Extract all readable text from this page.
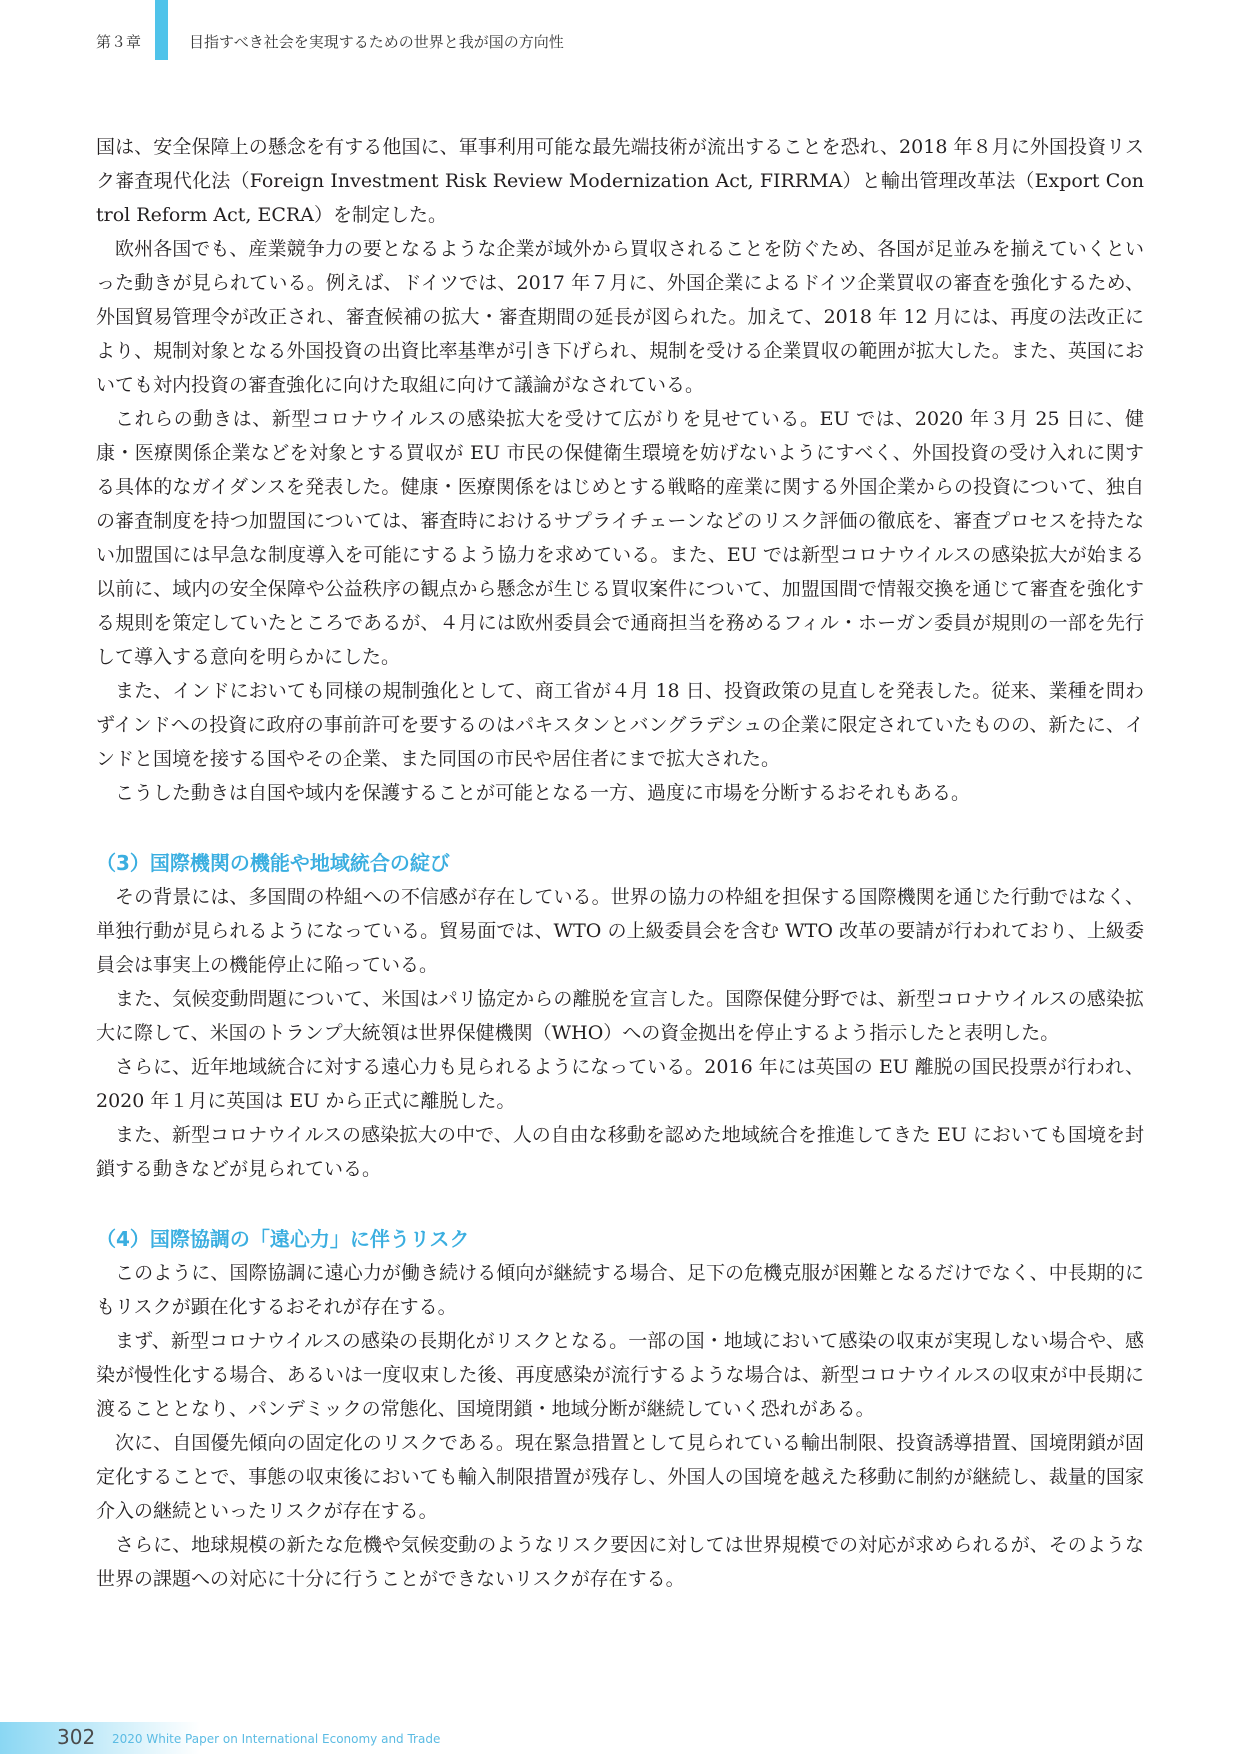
第３章	目指すべき社会を実現するための世界と我が国の方向性

国は、安全保障上の懸念を有する他国に、軍事利用可能な最先端技術が流出することを恐れ、2018 年８月に外国投資リスク審査現代化法（Foreign Investment Risk Review Modernization Act, FIRRMA）と輸出管理改革法（Export Control Reform Act, ECRA）を制定した。

欧州各国でも、産業競争力の要となるような企業が域外から買収されることを防ぐため、各国が足並みを揃えていくといった動きが見られている。例えば、ドイツでは、2017 年７月に、外国企業によるドイツ企業買収の審査を強化するため、外国貿易管理令が改正され、審査候補の拡大・審査期間の延長が図られた。加えて、2018 年 12 月には、再度の法改正により、規制対象となる外国投資の出資比率基準が引き下げられ、規制を受ける企業買収の範囲が拡大した。また、英国においても対内投資の審査強化に向けた取組に向けて議論がなされている。

これらの動きは、新型コロナウイルスの感染拡大を受けて広がりを見せている。EU では、2020 年３月 25 日に、健康・医療関係企業などを対象とする買収が EU 市民の保健衛生環境を妨げないようにすべく、外国投資の受け入れに関する具体的なガイダンスを発表した。健康・医療関係をはじめとする戦略的産業に関する外国企業からの投資について、独自の審査制度を持つ加盟国については、審査時におけるサプライチェーンなどのリスク評価の徹底を、審査プロセスを持たない加盟国には早急な制度導入を可能にするよう協力を求めている。また、EU では新型コロナウイルスの感染拡大が始まる以前に、域内の安全保障や公益秩序の観点から懸念が生じる買収案件について、加盟国間で情報交換を通じて審査を強化する規則を策定していたところであるが、４月には欧州委員会で通商担当を務めるフィル・ホーガン委員が規則の一部を先行して導入する意向を明らかにした。

また、インドにおいても同様の規制強化として、商工省が４月 18 日、投資政策の見直しを発表した。従来、業種を問わずインドへの投資に政府の事前許可を要するのはパキスタンとバングラデシュの企業に限定されていたものの、新たに、インドと国境を接する国やその企業、また同国の市民や居住者にまで拡大された。

こうした動きは自国や域内を保護することが可能となる一方、過度に市場を分断するおそれもある。

（3）国際機関の機能や地域統合の綻び

その背景には、多国間の枠組への不信感が存在している。世界の協力の枠組を担保する国際機関を通じた行動ではなく、単独行動が見られるようになっている。貿易面では、WTO の上級委員会を含む WTO 改革の要請が行われており、上級委員会は事実上の機能停止に陥っている。

また、気候変動問題について、米国はパリ協定からの離脱を宣言した。国際保健分野では、新型コロナウイルスの感染拡大に際して、米国のトランプ大統領は世界保健機関（WHO）への資金拠出を停止するよう指示したと表明した。

さらに、近年地域統合に対する遠心力も見られるようになっている。2016 年には英国の EU 離脱の国民投票が行われ、2020 年１月に英国は EU から正式に離脱した。

また、新型コロナウイルスの感染拡大の中で、人の自由な移動を認めた地域統合を推進してきた EU においても国境を封鎖する動きなどが見られている。

（4）国際協調の「遠心力」に伴うリスク

このように、国際協調に遠心力が働き続ける傾向が継続する場合、足下の危機克服が困難となるだけでなく、中長期的にもリスクが顕在化するおそれが存在する。

まず、新型コロナウイルスの感染の長期化がリスクとなる。一部の国・地域において感染の収束が実現しない場合や、感染が慢性化する場合、あるいは一度収束した後、再度感染が流行するような場合は、新型コロナウイルスの収束が中長期に渡ることとなり、パンデミックの常態化、国境閉鎖・地域分断が継続していく恐れがある。

次に、自国優先傾向の固定化のリスクである。現在緊急措置として見られている輸出制限、投資誘導措置、国境閉鎖が固定化することで、事態の収束後においても輸入制限措置が残存し、外国人の国境を越えた移動に制約が継続し、裁量的国家介入の継続といったリスクが存在する。

さらに、地球規模の新たな危機や気候変動のようなリスク要因に対しては世界規模での対応が求められるが、そのような世界の課題への対応に十分に行うことができないリスクが存在する。

302 2020 White Paper on International Economy and Trade
